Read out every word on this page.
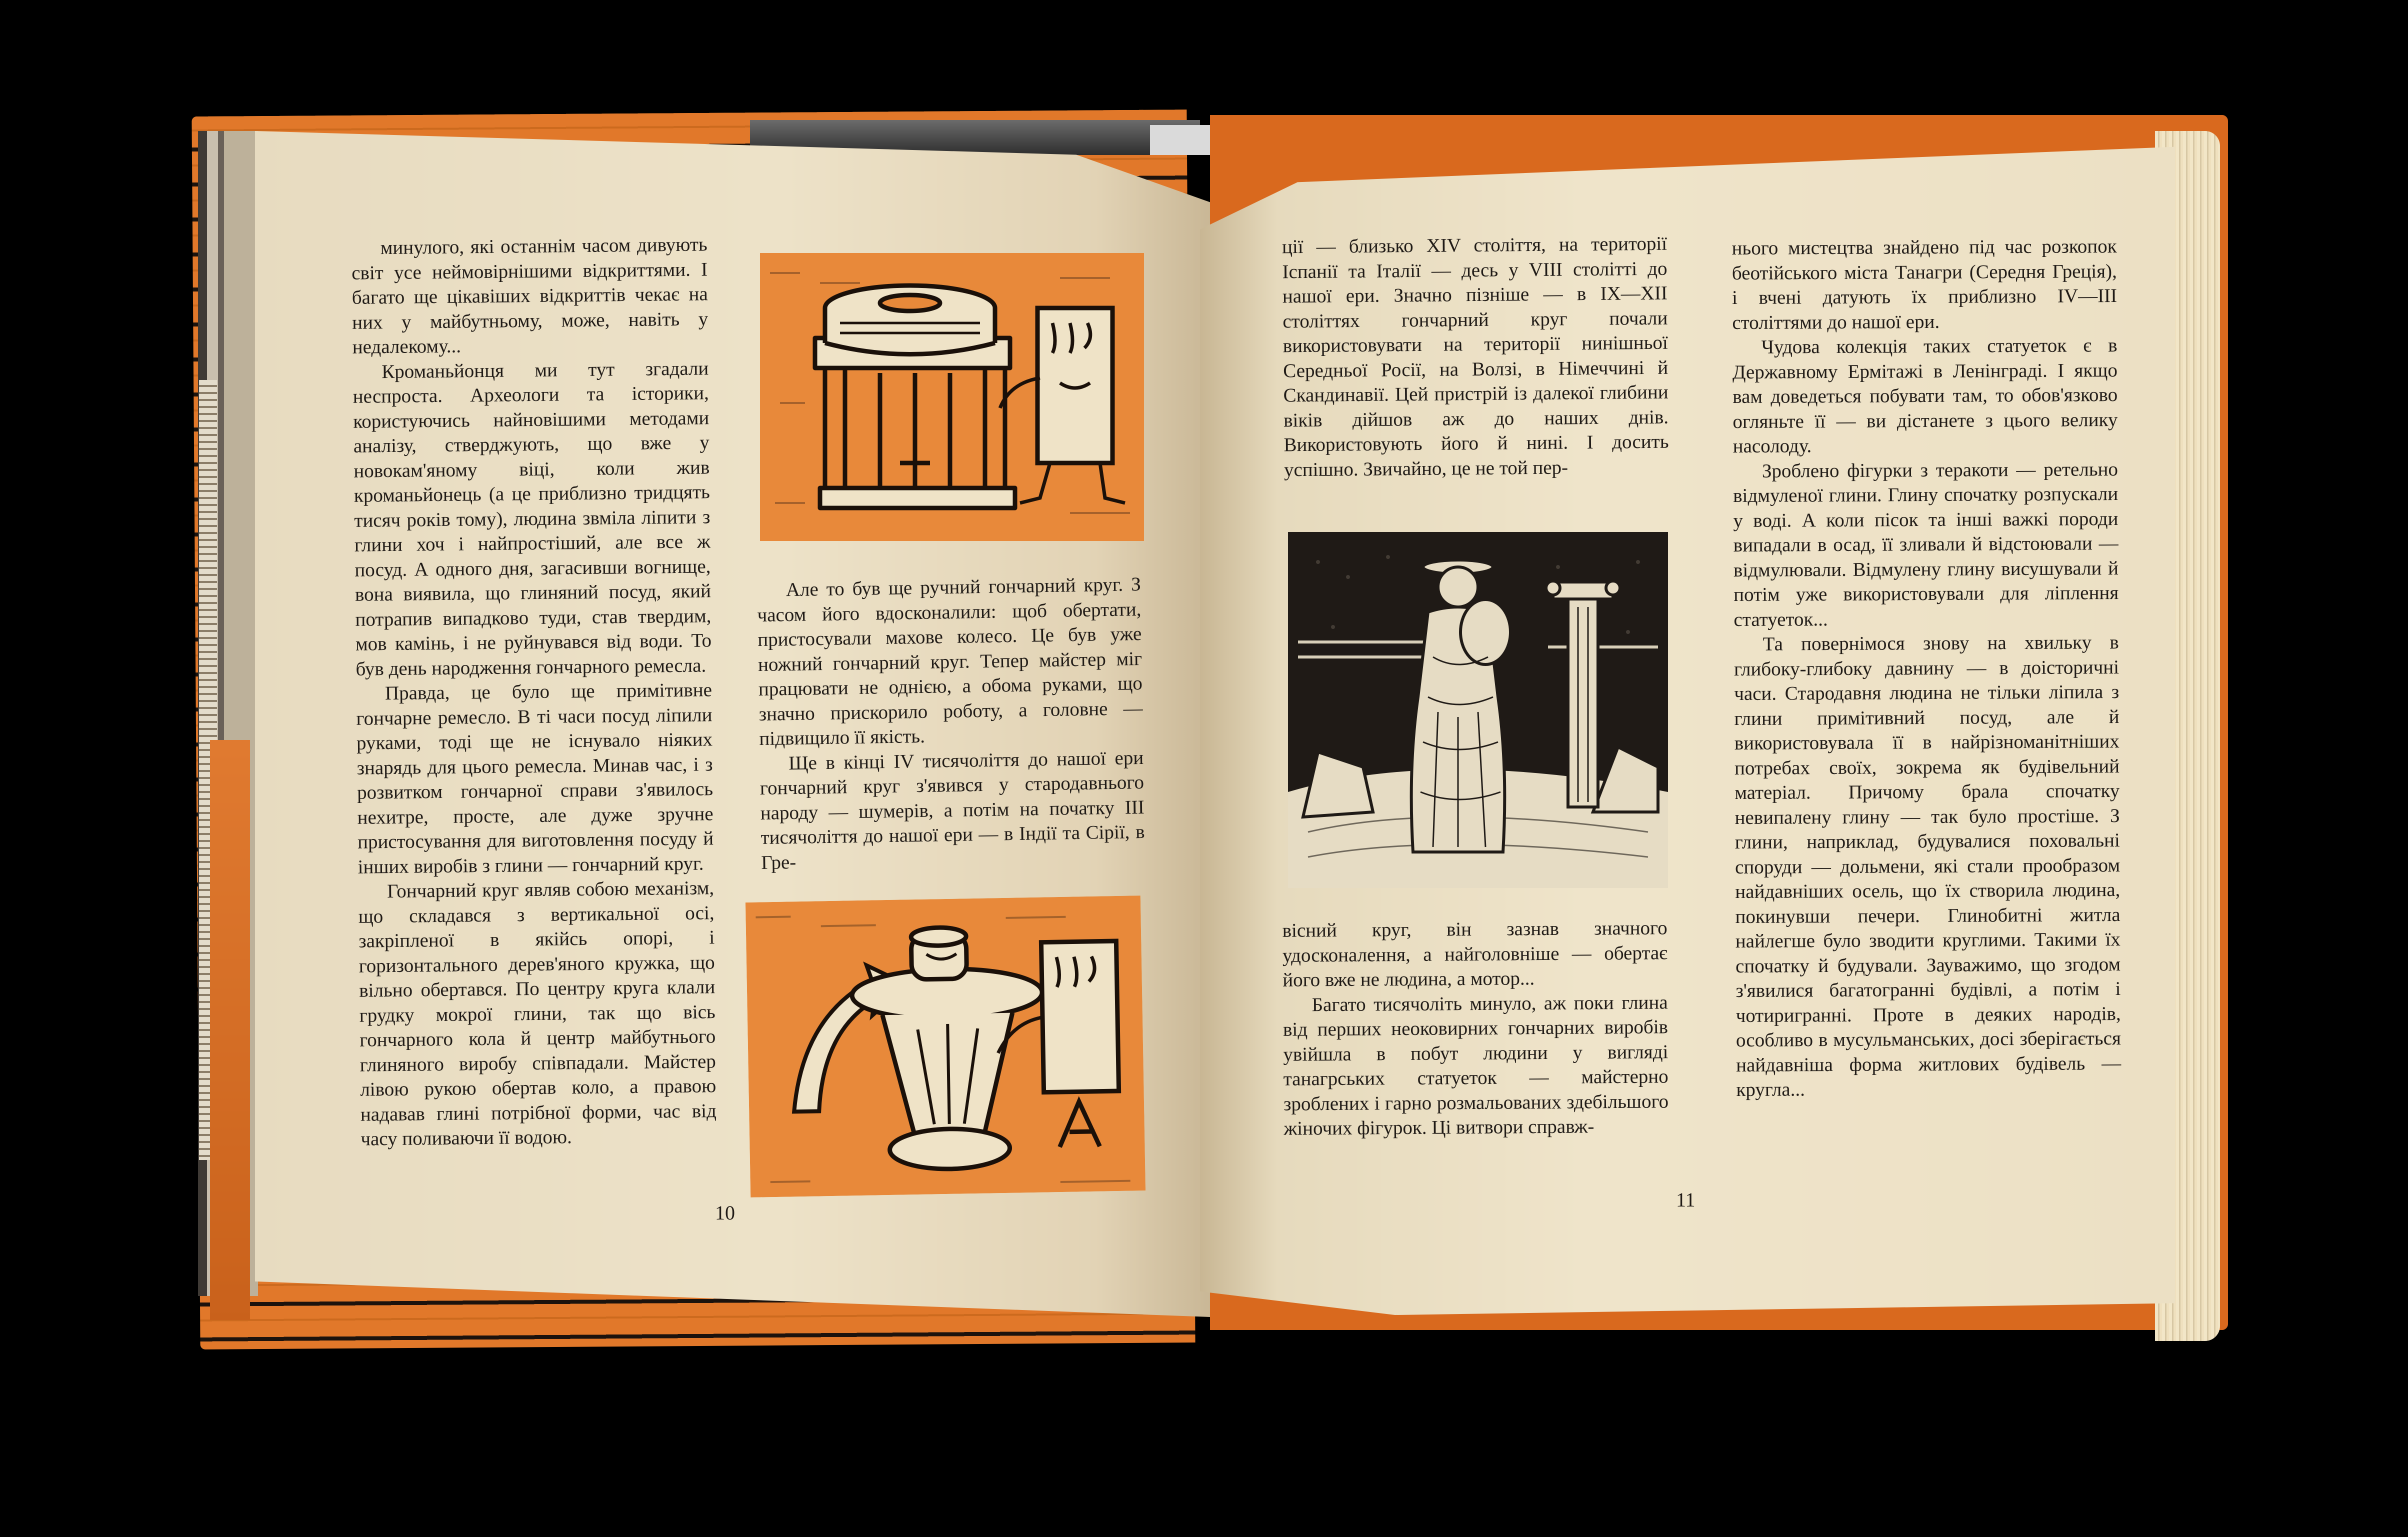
минулого, які останнім часом дивують світ усе неймовірнішими відкриттями. І багато ще цікавіших відкриттів чекає на них у майбутньому, може, навіть у недалекому...

Кроманьйонця ми тут згадали неспроста. Археологи та історики, користуючись найновішими методами аналізу, стверджують, що вже у новокам'яному віці, коли жив кроманьйонець (а це приблизно тридцять тисяч років тому), людина звміла ліпити з глини хоч і найпростіший, але все ж посуд. А одного дня, загасивши вогнище, вона виявила, що глиняний посуд, який потрапив випадково туди, став твердим, мов камінь, і не руйнувався від води. То був день народження гончарного ремесла.

Правда, це було ще примітивне гончарне ремесло. В ті часи посуд ліпили руками, тоді ще не існувало ніяких знарядь для цього ремесла. Минав час, і з розвитком гончарної справи з'явилось нехитре, просте, але дуже зручне пристосування для виготовлення посуду й інших виробів з глини — гончарний круг.

Гончарний круг являв собою механізм, що складався з вертикальної осі, закріпленої в якійсь опорі, і горизонтального дерев'яного кружка, що вільно обертався. По центру круга клали грудку мокрої глини, так що вісь гончарного кола й центр майбутнього глиняного виробу співпадали. Майстер лівою рукою обертав коло, а правою надавав глині потрібної форми, час від часу поливаючи її водою.

Але то був ще ручний гончарний круг. З часом його вдосконалили: щоб обертати, пристосували махове колесо. Це був уже ножний гончарний круг. Тепер майстер міг працювати не однією, а обома руками, що значно прискорило роботу, а головне — підвищило її якість.

Ще в кінці IV тисячоліття до нашої ери гончарний круг з'явився у стародавнього народу — шумерів, а потім на початку III тисячоліття до нашої ери — в Індії та Сірії, в Гре-

10

ції — близько XIV століття, на території Іспанії та Італії — десь у VIII столітті до нашої ери. Значно пізніше — в IX—XII століттях гончарний круг почали використовувати на території нинішньої Середньої Росії, на Волзі, в Німеччині й Скандинавії. Цей пристрій із далекої глибини віків дійшов аж до наших днів. Використовують його й нині. І досить успішно. Звичайно, це не той пер-

вісний круг, він зазнав значного удосконалення, а найголовніше — обертає його вже не людина, а мотор...

Багато тисячоліть минуло, аж поки глина від перших неоковирних гончарних виробів увійшла в побут людини у вигляді танагрських статуеток — майстерно зроблених і гарно розмальованих здебільшого жіночих фігурок. Ці витвори справж-

нього мистецтва знайдено під час розкопок беотійського міста Танагри (Середня Греція), і вчені датують їх приблизно IV—III століттями до нашої ери.

Чудова колекція таких статуеток є в Державному Ермітажі в Ленінграді. І якщо вам доведеться побувати там, то обов'язково огляньте її — ви дістанете з цього велику насолоду.

Зроблено фігурки з теракоти — ретельно відмуленої глини. Глину спочатку розпускали у воді. А коли пісок та інші важкі породи випадали в осад, її зливали й відстоювали — відмулювали. Відмулену глину висушували й потім уже використовували для ліплення статуеток...

Та повернімося знову на хвильку в глибоку-глибоку давнину — в доісторичні часи. Стародавня людина не тільки ліпила з глини примітивний посуд, але й використовувала її в найрізноманітніших потребах своїх, зокрема як будівельний матеріал. Причому брала спочатку невипалену глину — так було простіше. З глини, наприклад, будувалися поховальні споруди — дольмени, які стали прообразом найдавніших осель, що їх створила людина, покинувши печери. Глинобитні житла найлегше було зводити круглими. Такими їх спочатку й будували. Зауважимо, що згодом з'явилися багатогранні будівлі, а потім і чотиригранні. Проте в деяких народів, особливо в мусульманських, досі зберігається найдавніша форма житлових будівель — кругла...

11
